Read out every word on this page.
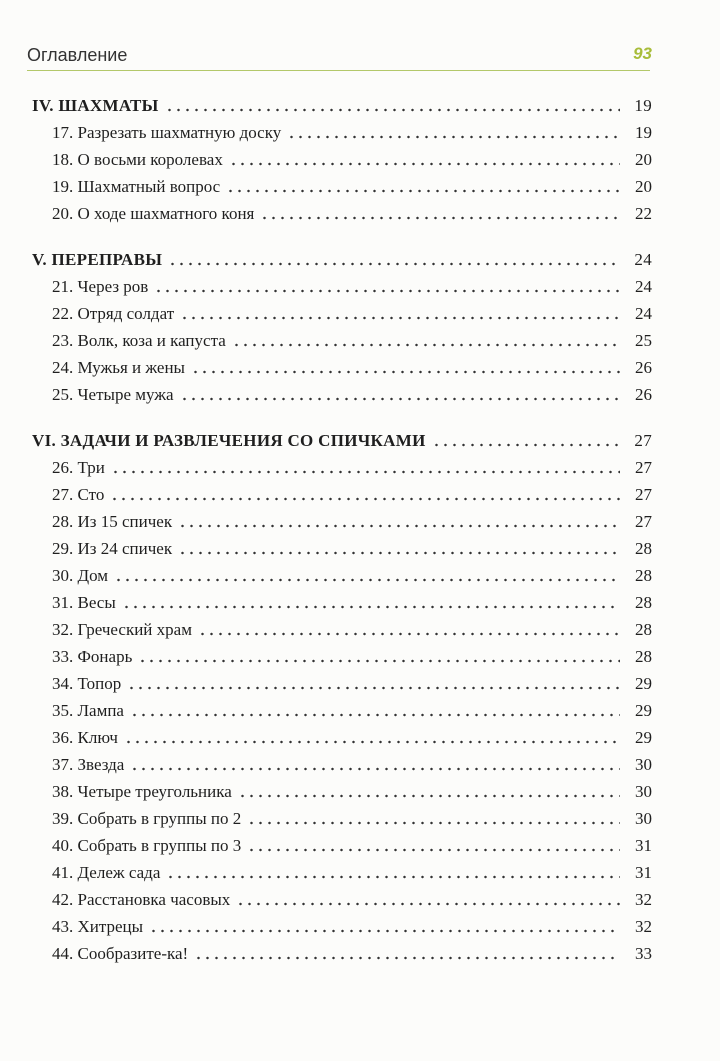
Оглавление	93
IV. ШАХМАТЫ	19
17. Разрезать шахматную доску	19
18. О восьми королевах	20
19. Шахматный вопрос	20
20. О ходе шахматного коня	22
V. ПЕРЕПРАВЫ	24
21. Через ров	24
22. Отряд солдат	24
23. Волк, коза и капуста	25
24. Мужья и жены	26
25. Четыре мужа	26
VI. ЗАДАЧИ И РАЗВЛЕЧЕНИЯ СО СПИЧКАМИ	27
26. Три	27
27. Сто	27
28. Из 15 спичек	27
29. Из 24 спичек	28
30. Дом	28
31. Весы	28
32. Греческий храм	28
33. Фонарь	28
34. Топор	29
35. Лампа	29
36. Ключ	29
37. Звезда	30
38. Четыре треугольника	30
39. Собрать в группы по 2	30
40. Собрать в группы по 3	31
41. Дележ сада	31
42. Расстановка часовых	32
43. Хитрецы	32
44. Сообразите-ка!	33
